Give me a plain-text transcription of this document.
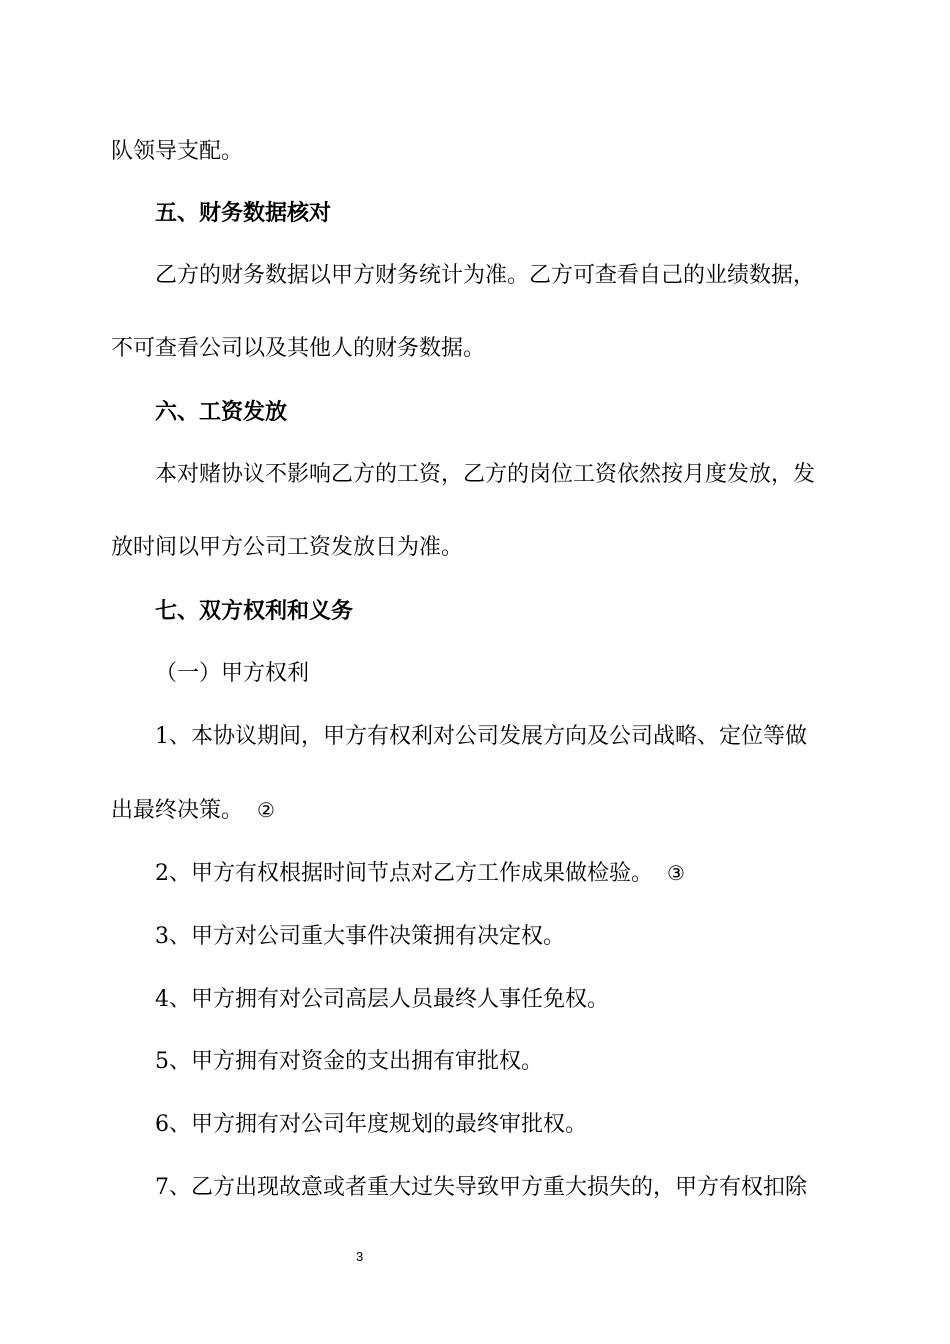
队领导支配。
五、财务数据核对
乙方的财务数据以甲方财务统计为准。乙方可查看自己的业绩数据，
不可查看公司以及其他人的财务数据。
六、工资发放
本对赌协议不影响乙方的工资，乙方的岗位工资依然按月度发放，发
放时间以甲方公司工资发放日为准。
七、双方权利和义务
（一）甲方权利
1、本协议期间，甲方有权利对公司发展方向及公司战略、定位等做
出最终决策。 ②
2、甲方有权根据时间节点对乙方工作成果做检验。 ③
3、甲方对公司重大事件决策拥有决定权。
4、甲方拥有对公司高层人员最终人事任免权。
5、甲方拥有对资金的支出拥有审批权。
6、甲方拥有对公司年度规划的最终审批权。
7、乙方出现故意或者重大过失导致甲方重大损失的，甲方有权扣除
3
